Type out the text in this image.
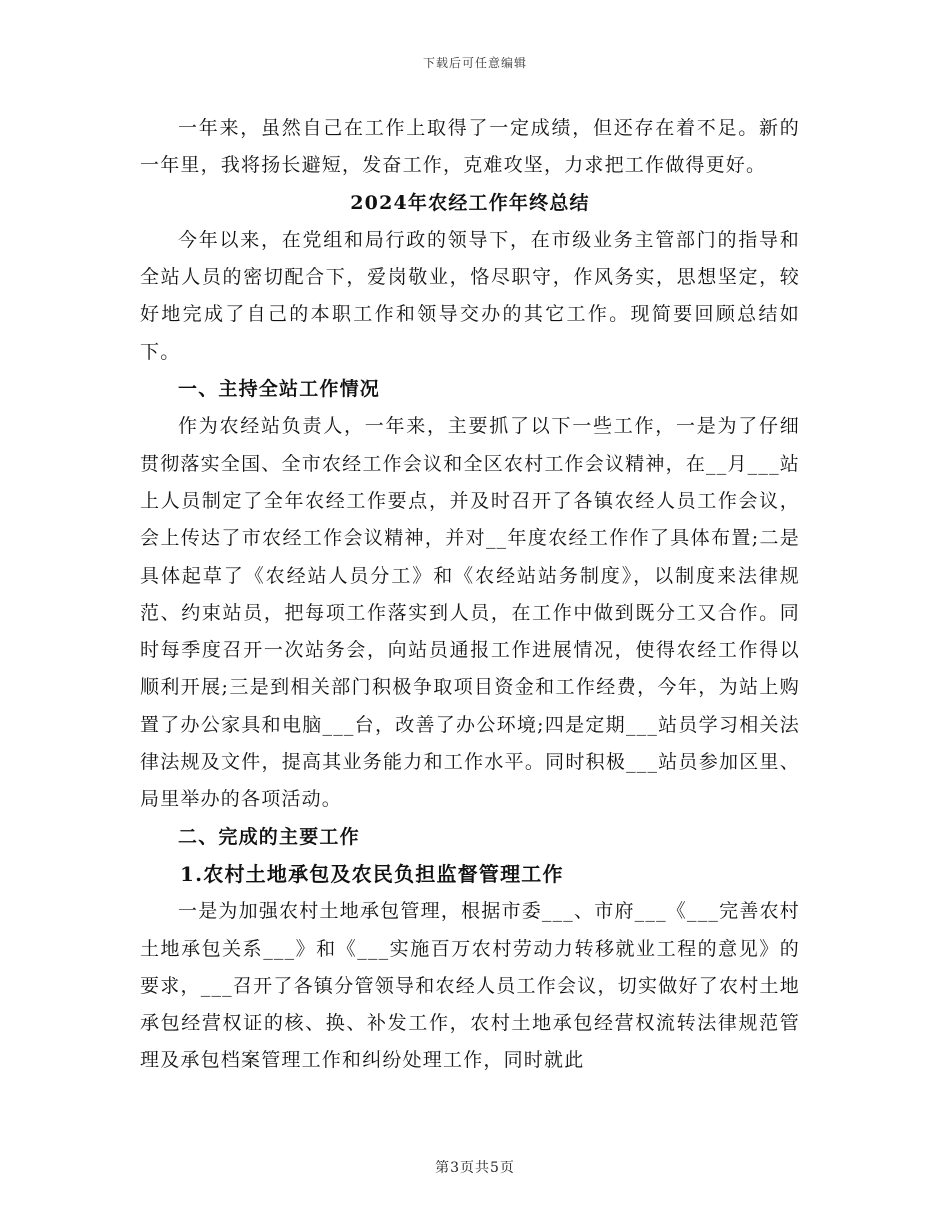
下载后可任意编辑

一年来，虽然自己在工作上取得了一定成绩，但还存在着不足。新的一年里，我将扬长避短，发奋工作，克难攻坚，力求把工作做得更好。

2024年农经工作年终总结

今年以来，在党组和局行政的领导下，在市级业务主管部门的指导和全站人员的密切配合下，爱岗敬业，恪尽职守，作风务实，思想坚定，较好地完成了自己的本职工作和领导交办的其它工作。现简要回顾总结如下。

一、主持全站工作情况

作为农经站负责人，一年来，主要抓了以下一些工作，一是为了仔细贯彻落实全国、全市农经工作会议和全区农村工作会议精神，在__月___站上人员制定了全年农经工作要点，并及时召开了各镇农经人员工作会议，会上传达了市农经工作会议精神，并对__年度农经工作作了具体布置;二是具体起草了《农经站人员分工》和《农经站站务制度》，以制度来法律规范、约束站员，把每项工作落实到人员，在工作中做到既分工又合作。同时每季度召开一次站务会，向站员通报工作进展情况，使得农经工作得以顺利开展;三是到相关部门积极争取项目资金和工作经费，今年，为站上购置了办公家具和电脑___台，改善了办公环境;四是定期___站员学习相关法律法规及文件，提高其业务能力和工作水平。同时积极___站员参加区里、局里举办的各项活动。

二、完成的主要工作

1.农村土地承包及农民负担监督管理工作

一是为加强农村土地承包管理，根据市委___、市府___《___完善农村土地承包关系___》和《___实施百万农村劳动力转移就业工程的意见》的要求，___召开了各镇分管领导和农经人员工作会议，切实做好了农村土地承包经营权证的核、换、补发工作，农村土地承包经营权流转法律规范管理及承包档案管理工作和纠纷处理工作，同时就此

第3页共5页
